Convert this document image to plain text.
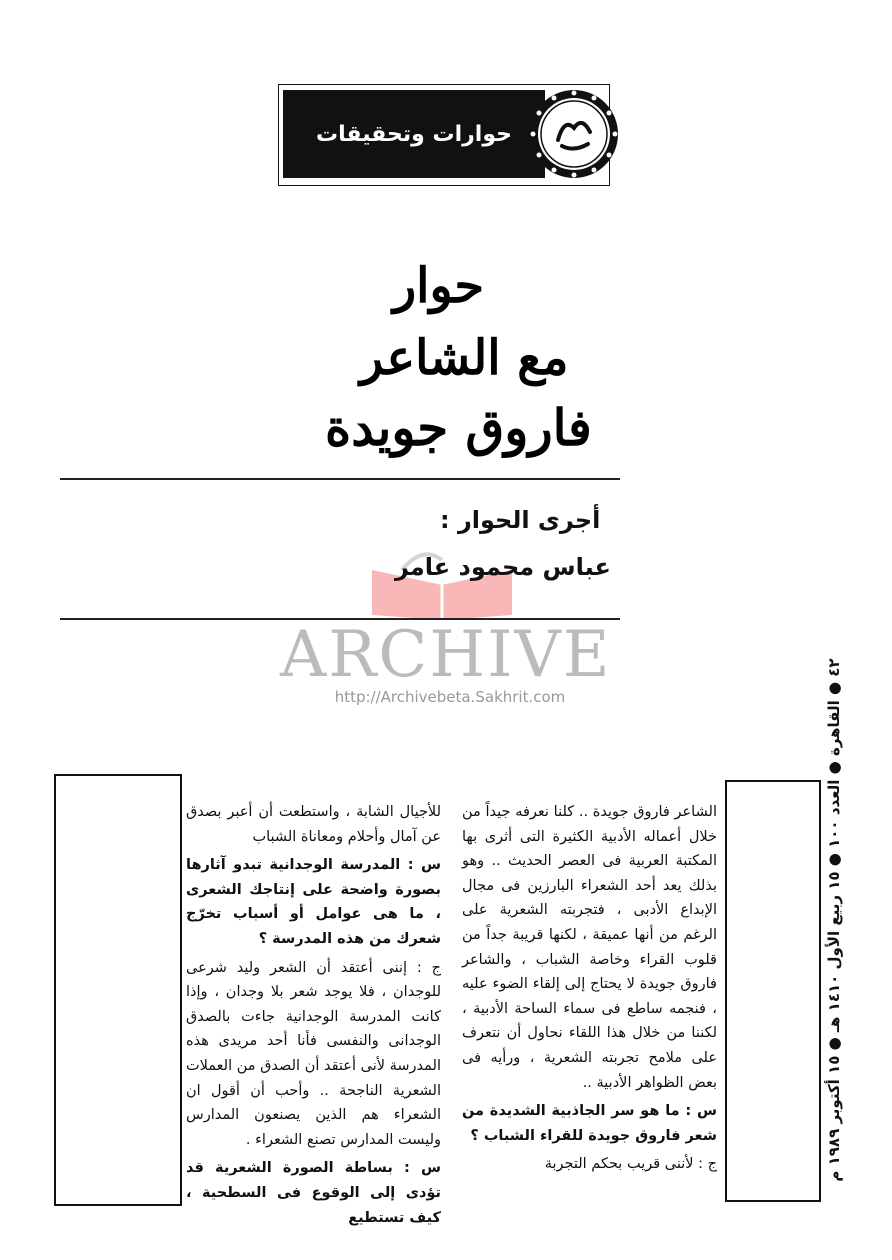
حوارات وتحقيقات
حوار
مع الشاعر
فاروق جويدة
أجرى الحوار :
عباس محمود عامر
ARCHIVE
http://Archivebeta.Sakhrit.com
٤٢ ● القاهرة ● العدد ١٠٠ ● ١٥ ربيع الأول ١٤١٠ هـ ● ١٥ أكتوبر ١٩٨٩ م

الشاعر فاروق جويدة .. كلنا نعرفه جيداً من خلال أعماله الأدبية الكثيرة التى أثرى بها المكتبة العربية فى العصر الحديث .. وهو بذلك يعد أحد الشعراء البارزين فى مجال الإبداع الأدبى ، فتجربته الشعرية على الرغم من أنها عميقة ، لكنها قريبة جداً من قلوب القراء وخاصة الشباب ، والشاعر فاروق جويدة لا يحتاج إلى إلقاء الضوء عليه ، فنجمه ساطع فى سماء الساحة الأدبية ، لكننا من خلال هذا اللقاء نحاول أن نتعرف على ملامح تجربته الشعرية ، ورأيه فى بعض الظواهر الأدبية ..

س : ما هو سر الجاذبية الشديدة من شعر فاروق جويدة للقراء الشباب ؟

ج : لأننى قريب بحكم التجربة

للأجيال الشابة ، واستطعت أن أعبر بصدق عن آمال وأحلام ومعاناة الشباب

س : المدرسة الوجدانية تبدو آثارها بصورة واضحة على إنتاجك الشعرى ، ما هى عوامل أو أسباب تخرّج شعرك من هذه المدرسة ؟

ج : إننى أعتقد أن الشعر وليد شرعى للوجدان ، فلا يوجد شعر بلا وجدان ، وإذا كانت المدرسة الوجدانية جاءت بالصدق الوجدانى والنفسى فأنا أحد مريدى هذه المدرسة لأنى أعتقد أن الصدق من العملات الشعرية الناجحة .. وأحب أن أقول ان الشعراء هم الذين يصنعون المدارس وليست المدارس تصنع الشعراء .

س : بساطة الصورة الشعرية قد تؤدى إلى الوقوع فى السطحية ، كيف تستطيع
